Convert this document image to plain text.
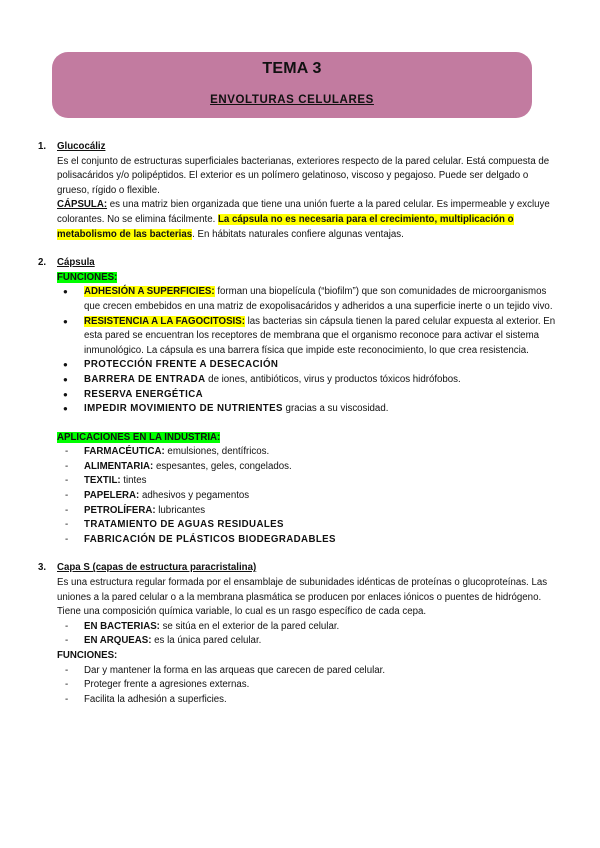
TEMA 3
ENVOLTURAS CELULARES
1. Glucocáliz
Es el conjunto de estructuras superficiales bacterianas, exteriores respecto de la pared celular. Está compuesta de polisacáridos y/o polipéptidos. El exterior es un polímero gelatinoso, viscoso y pegajoso. Puede ser delgado o grueso, rígido o flexible.
CÁPSULA: es una matriz bien organizada que tiene una unión fuerte a la pared celular. Es impermeable y excluye colorantes. No se elimina fácilmente. La cápsula no es necesaria para el crecimiento, multiplicación o metabolismo de las bacterias. En hábitats naturales confiere algunas ventajas.
2. Cápsula
FUNCIONES:
● ADHESIÓN A SUPERFICIES: forman una biopelícula (“biofilm”) que son comunidades de microorganismos que crecen embebidos en una matriz de exopolisacáridos y adheridos a una superficie inerte o un tejido vivo.
● RESISTENCIA A LA FAGOCITOSIS: las bacterias sin cápsula tienen la pared celular expuesta al exterior. En esta pared se encuentran los receptores de membrana que el organismo reconoce para activar el sistema inmunológico. La cápsula es una barrera física que impide este reconocimiento, lo que crea resistencia.
● PROTECCIÓN FRENTE A DESECACIÓN
● BARRERA DE ENTRADA de iones, antibióticos, virus y productos tóxicos hidrófobos.
● RESERVA ENERGÉTICA
● IMPEDIR MOVIMIENTO DE NUTRIENTES gracias a su viscosidad.
APLICACIONES EN LA INDUSTRIA:
- FARMACÉUTICA: emulsiones, dentífricos.
- ALIMENTARIA: espesantes, geles, congelados.
- TEXTIL: tintes
- PAPELERA: adhesivos y pegamentos
- PETROLÍFERA: lubricantes
- TRATAMIENTO DE AGUAS RESIDUALES
- FABRICACIÓN DE PLÁSTICOS BIODEGRADABLES
3. Capa S (capas de estructura paracristalina)
Es una estructura regular formada por el ensamblaje de subunidades idénticas de proteínas o glucoproteínas. Las uniones a la pared celular o a la membrana plasmática se producen por enlaces iónicos o puentes de hidrógeno. Tiene una composición química variable, lo cual es un rasgo específico de cada cepa.
- EN BACTERIAS: se sitúa en el exterior de la pared celular.
- EN ARQUEAS: es la única pared celular.
FUNCIONES:
- Dar y mantener la forma en las arqueas que carecen de pared celular.
- Proteger frente a agresiones externas.
- Facilita la adhesión a superficies.
